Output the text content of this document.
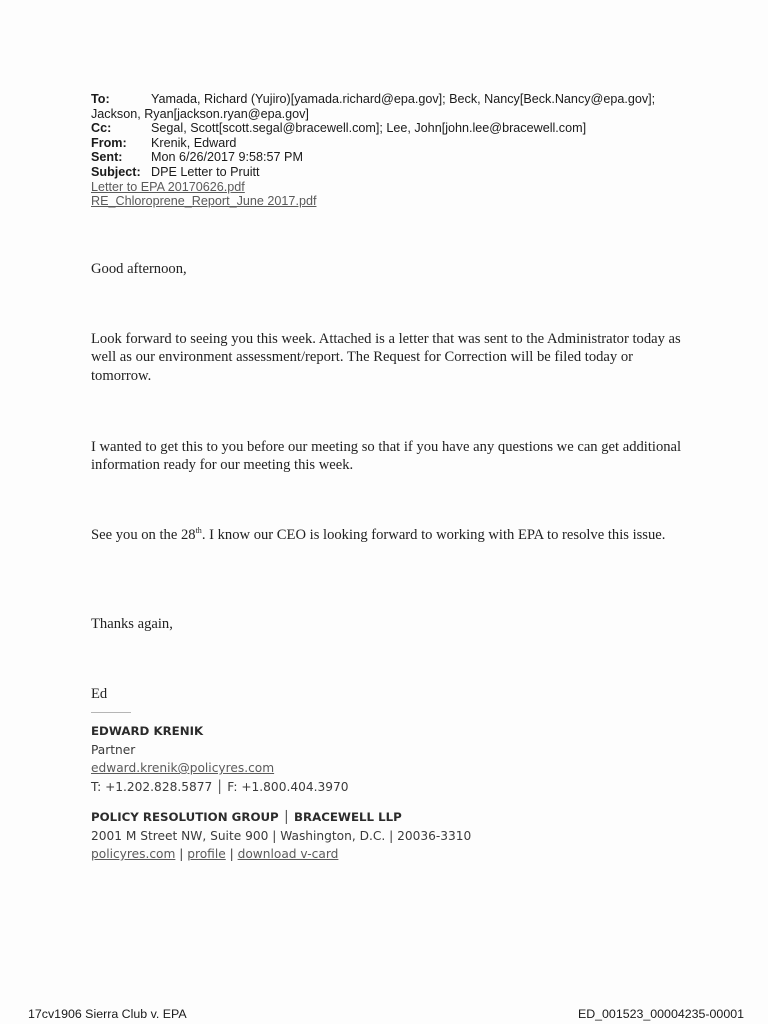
To:	Yamada, Richard (Yujiro)[yamada.richard@epa.gov]; Beck, Nancy[Beck.Nancy@epa.gov];
Jackson, Ryan[jackson.ryan@epa.gov]
Cc:	Segal, Scott[scott.segal@bracewell.com]; Lee, John[john.lee@bracewell.com]
From: Krenik, Edward
Sent: Mon 6/26/2017 9:58:57 PM
Subject: DPE Letter to Pruitt
Letter to EPA 20170626.pdf
RE_Chloroprene_Report_June 2017.pdf

Good afternoon,

Look forward to seeing you this week. Attached is a letter that was sent to the Administrator today as well as our environment assessment/report. The Request for Correction will be filed today or tomorrow.

I wanted to get this to you before our meeting so that if you have any questions we can get additional information ready for our meeting this week.

See you on the 28th. I know our CEO is looking forward to working with EPA to resolve this issue.

Thanks again,

Ed

EDWARD KRENIK
Partner
edward.krenik@policyres.com
T: +1.202.828.5877 │ F: +1.800.404.3970
POLICY RESOLUTION GROUP │ BRACEWELL LLP
2001 M Street NW, Suite 900 | Washington, D.C. | 20036-3310
policyres.com | profile | download v-card
17cv1906 Sierra Club v. EPA	ED_001523_00004235-00001
